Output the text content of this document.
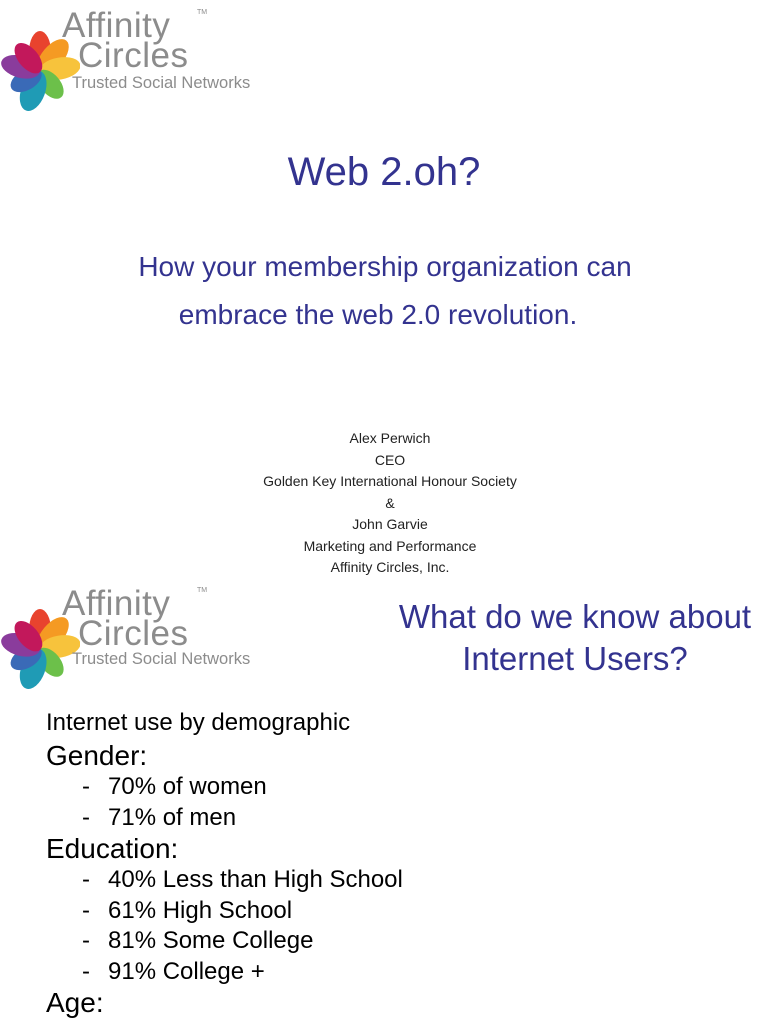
Affinity	TM
Circles
Trusted Social Networks
Web 2.oh?
How your membership organization can
embrace the web 2.0 revolution.
Alex Perwich
CEO
Golden Key International Honour Society
&
John Garvie
Marketing and Performance
Affinity Circles, Inc.
Affinity	TM
Circles
Trusted Social Networks
What do we know about
Internet Users?
Internet use by demographic
Gender:
- 70% of women
- 71% of men
Education:
- 40% Less than High School
- 61% High School
- 81% Some College
- 91% College +
Age:
